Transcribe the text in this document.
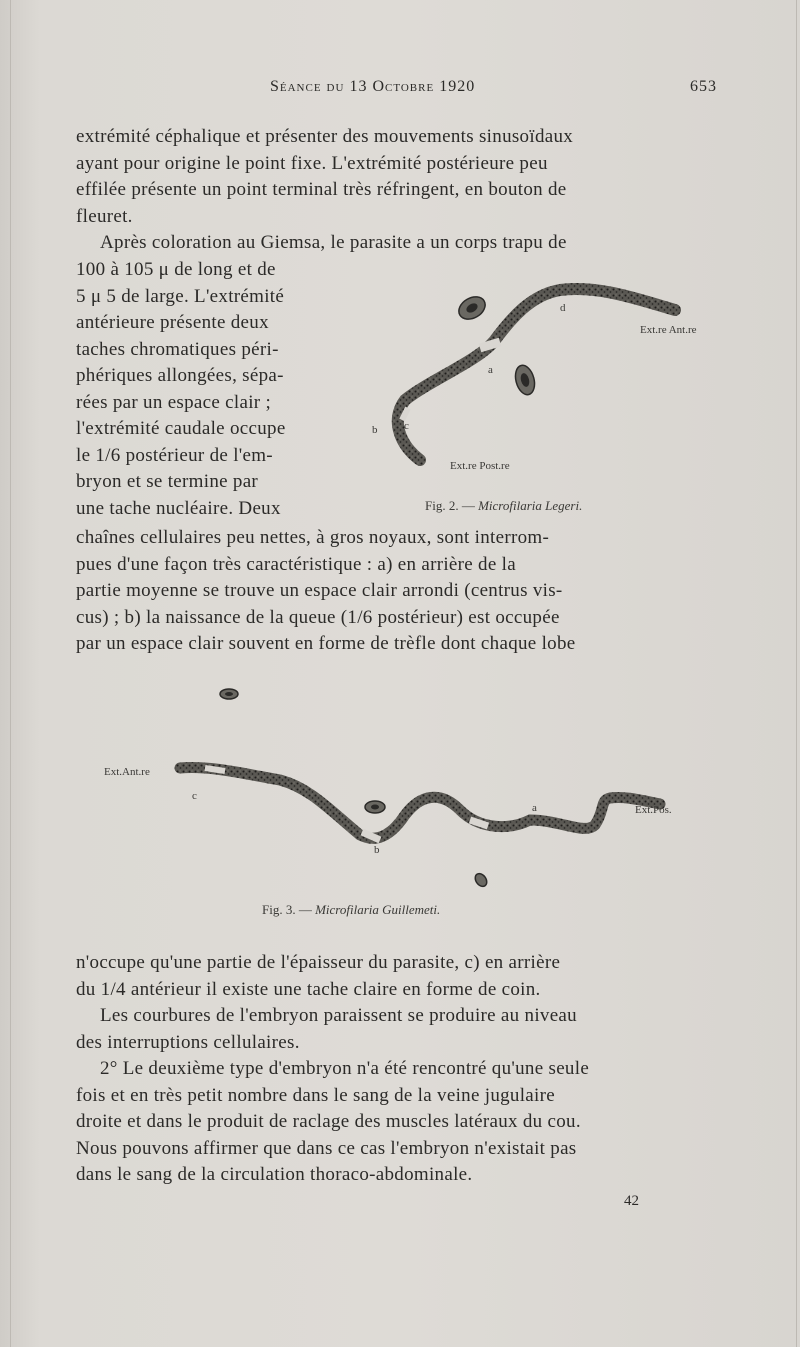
Séance du 13 Octobre 1920	653
extrémité céphalique et présenter des mouvements sinusoïdaux
ayant pour origine le point fixe. L'extrémité postérieure peu
effilée présente un point terminal très réfringent, en bouton de
fleuret.
Après coloration au Giemsa, le parasite a un corps trapu de
100 à 105 μ de long et de
5 μ 5 de large. L'extrémité
antérieure présente deux
taches chromatiques péri-
phériques allongées, sépa-
rées par un espace clair ;
l'extrémité caudale occupe
le 1/6 postérieur de l'em-
bryon et se termine par
une tache nucléaire. Deux
d
a
b c
Ext.re Ant.re
Ext.re Post.re
Fig. 2. — Microfilaria Legeri.
chaînes cellulaires peu nettes, à gros noyaux, sont interrom-
pues d'une façon très caractéristique : a) en arrière de la
partie moyenne se trouve un espace clair arrondi (centrus vis-
cus) ; b) la naissance de la queue (1/6 postérieur) est occupée
par un espace clair souvent en forme de trèfle dont chaque lobe
Ext.Ant.re
c
b
a	Ext.Pos.
Fig. 3. — Microfilaria Guillemeti.
n'occupe qu'une partie de l'épaisseur du parasite, c) en arrière
du 1/4 antérieur il existe une tache claire en forme de coin.
Les courbures de l'embryon paraissent se produire au niveau
des interruptions cellulaires.
2° Le deuxième type d'embryon n'a été rencontré qu'une seule
fois et en très petit nombre dans le sang de la veine jugulaire
droite et dans le produit de raclage des muscles latéraux du cou.
Nous pouvons affirmer que dans ce cas l'embryon n'existait pas
dans le sang de la circulation thoraco-abdominale.
42
